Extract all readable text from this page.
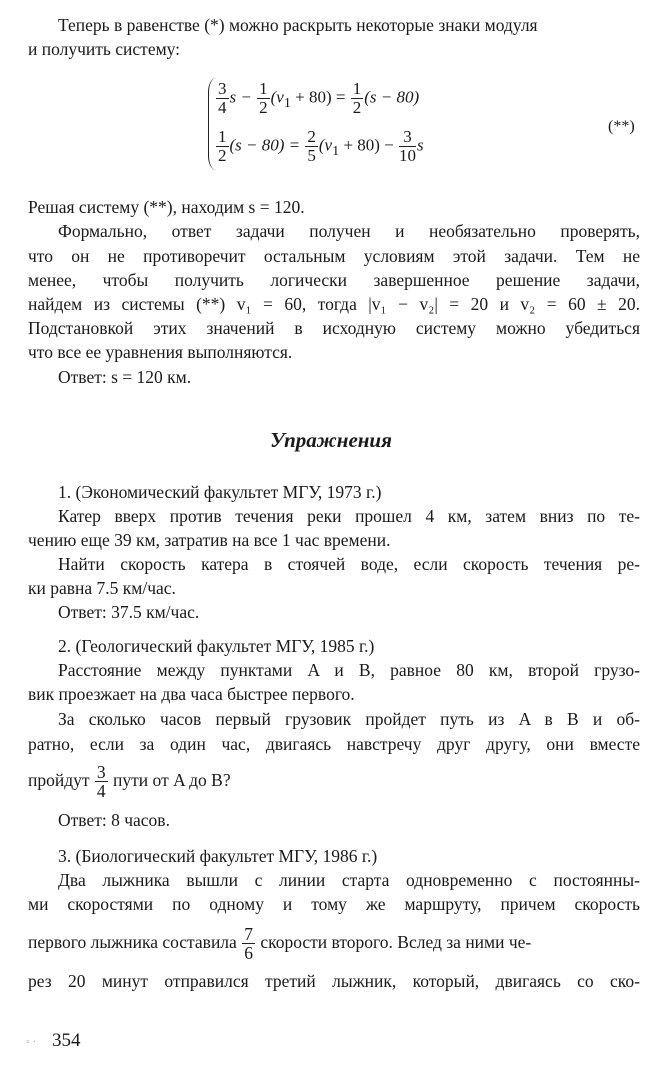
Теперь в равенстве (*) можно раскрыть некоторые знаки модуля
и получить систему:
$\frac{3}{4}$ $s - \frac{1}{2} (v_1 + 80) = \frac{1}{2} (s - 80)$
$\frac{1}{2} (s - 80) = \frac{2}{5} (v_1 + 80) - \frac{3}{10}$ s
(**)
Решая систему (**), находим s = 120.
Формально, ответ задачи получен и необязательно проверять,
что он не противоречит остальным условиям этой задачи. Тем не
менее, чтобы получить логически завершенное решение задачи,
найдем из системы (**) v₁ = 60, тогда |v₁ − v₂| = 20 и v₂ = 60 ± 20.
Подстановкой этих значений в исходную систему можно убедиться
что все ее уравнения выполняются.
Ответ: s = 120 км.
Упражнения
1. (Экономический факультет МГУ, 1973 г.)
Катер вверх против течения реки прошел 4 км, затем вниз по те-
чению еще 39 км, затратив на все 1 час времени.
Найти скорость катера в стоячей воде, если скорость течения ре-
ки равна 7.5 км/час.
Ответ: 37.5 км/час.
2. (Геологический факультет МГУ, 1985 г.)
Расстояние между пунктами A и B, равное 80 км, второй грузо-
вик проезжает на два часа быстрее первого.
За сколько часов первый грузовик пройдет путь из A в B и об-
ратно, если за один час, двигаясь навстречу друг другу, они вместе
пройдут $\frac{3}{4}$ пути от A до B?
Ответ: 8 часов.
3. (Биологический факультет МГУ, 1986 г.)
Два лыжника вышли с линии старта одновременно с постоянны-
ми скоростями по одному и тому же маршруту, причем скорость
первого лыжника составила $\frac{7}{6}$ скорости второго. Вслед за ними че-
рез 20 минут отправился третий лыжник, который, двигаясь со ско-
◦ · 354
